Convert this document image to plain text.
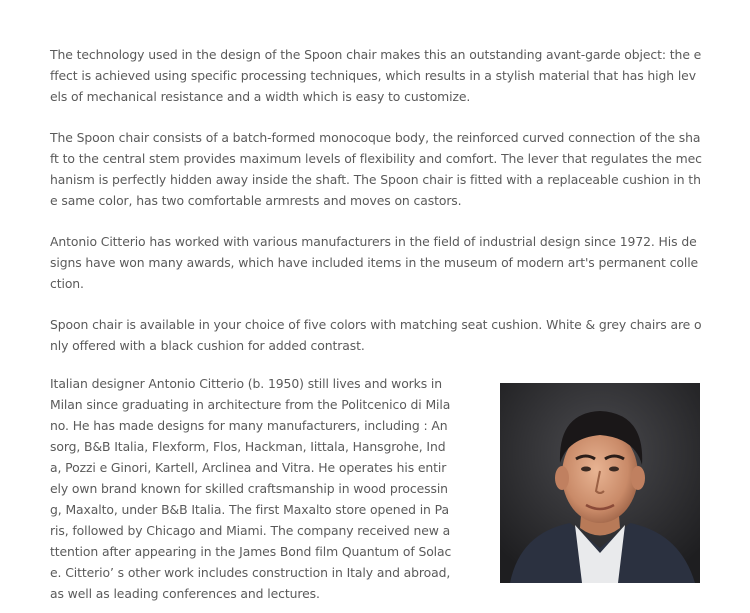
The technology used in the design of the Spoon chair makes this an outstanding avant-garde object: the effect is achieved using specific processing techniques, which results in a stylish material that has high levels of mechanical resistance and a width which is easy to customize.

The Spoon chair consists of a batch-formed monocoque body, the reinforced curved connection of the shaft to the central stem provides maximum levels of flexibility and comfort. The lever that regulates the mechanism is perfectly hidden away inside the shaft. The Spoon chair is fitted with a replaceable cushion in the same color, has two comfortable armrests and moves on castors.

Antonio Citterio has worked with various manufacturers in the field of industrial design since 1972. His designs have won many awards, which have included items in the museum of modern art's permanent collection.

Spoon chair is available in your choice of five colors with matching seat cushion. White & grey chairs are only offered with a black cushion for added contrast.

Italian designer Antonio Citterio (b. 1950) still lives and works in Milan since graduating in architecture from the Politcenico di Milano. He has made designs for many manufacturers, including : Ansorg, B&B Italia, Flexform, Flos, Hackman, Iittala, Hansgrohe, Inda, Pozzi e Ginori, Kartell, Arclinea and Vitra. He operates his entirely own brand known for skilled craftsmanship in wood processing, Maxalto, under B&B Italia. The first Maxalto store opened in Paris, followed by Chicago and Miami. The company received new attention after appearing in the James Bond film Quantum of Solace. Citterio’ s other work includes construction in Italy and abroad, as well as leading conferences and lectures.
